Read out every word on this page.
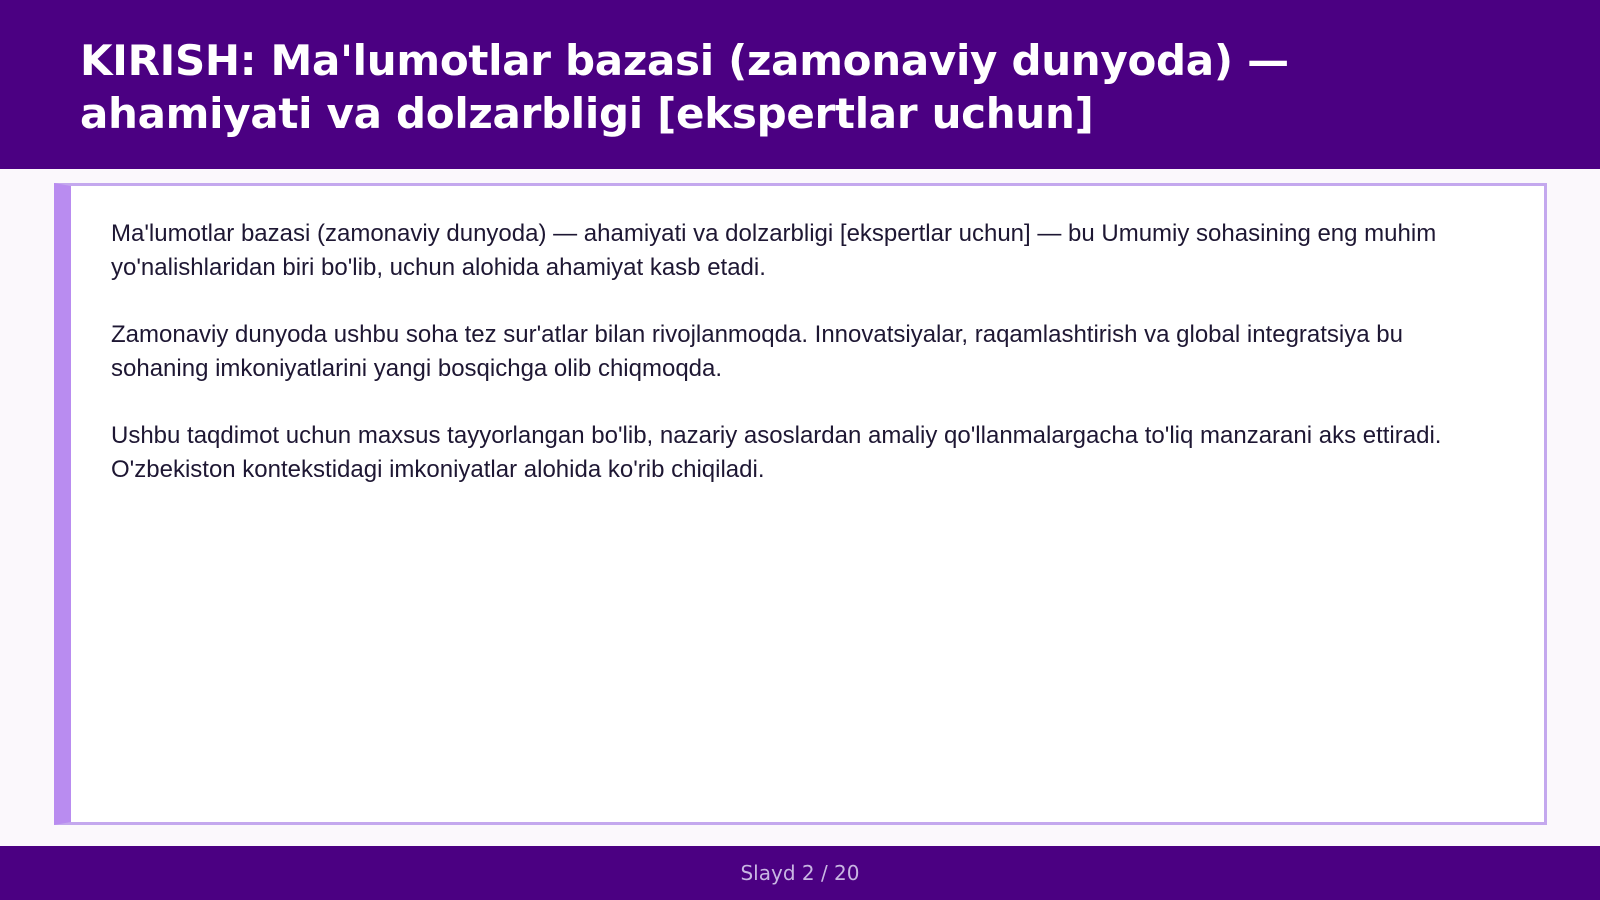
KIRISH: Ma'lumotlar bazasi (zamonaviy dunyoda) — ahamiyati va dolzarbligi [ekspertlar uchun]

Ma'lumotlar bazasi (zamonaviy dunyoda) — ahamiyati va dolzarbligi [ekspertlar uchun] — bu Umumiy sohasining eng muhim yo'nalishlaridan biri bo'lib, uchun alohida ahamiyat kasb etadi.

Zamonaviy dunyoda ushbu soha tez sur'atlar bilan rivojlanmoqda. Innovatsiyalar, raqamlashtirish va global integratsiya bu sohaning imkoniyatlarini yangi bosqichga olib chiqmoqda.

Ushbu taqdimot uchun maxsus tayyorlangan bo'lib, nazariy asoslardan amaliy qo'llanmalargacha to'liq manzarani aks ettiradi. O'zbekiston kontekstidagi imkoniyatlar alohida ko'rib chiqiladi.

Slayd 2 / 20
